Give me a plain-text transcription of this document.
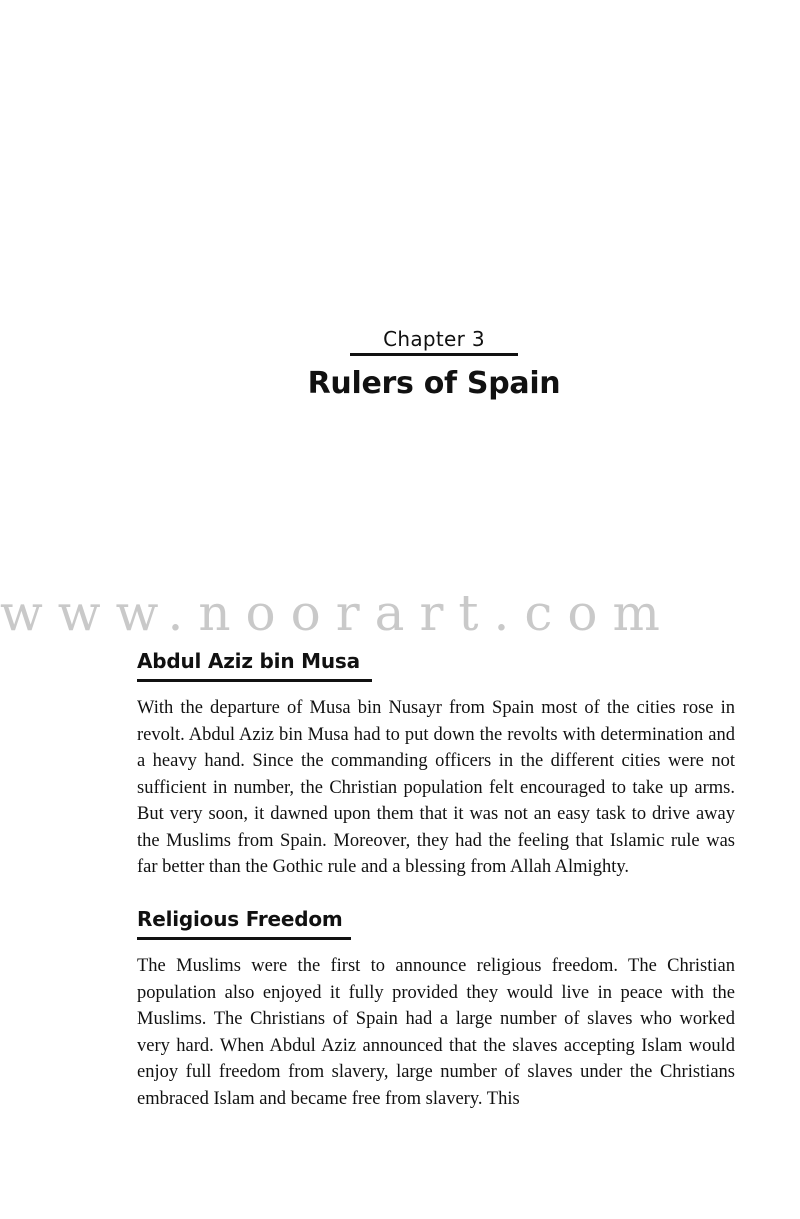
Chapter 3
Rulers of Spain
www.noorart.com
Abdul Aziz bin Musa
With the departure of Musa bin Nusayr from Spain most of the cities rose in revolt. Abdul Aziz bin Musa had to put down the revolts with determination and a heavy hand. Since the commanding officers in the different cities were not sufficient in number, the Christian population felt encouraged to take up arms. But very soon, it dawned upon them that it was not an easy task to drive away the Muslims from Spain. Moreover, they had the feeling that Islamic rule was far better than the Gothic rule and a blessing from Allah Almighty.
Religious Freedom
The Muslims were the first to announce religious freedom. The Christian population also enjoyed it fully provided they would live in peace with the Muslims. The Christians of Spain had a large number of slaves who worked very hard. When Abdul Aziz announced that the slaves accepting Islam would enjoy full freedom from slavery, large number of slaves under the Christians embraced Islam and became free from slavery. This
